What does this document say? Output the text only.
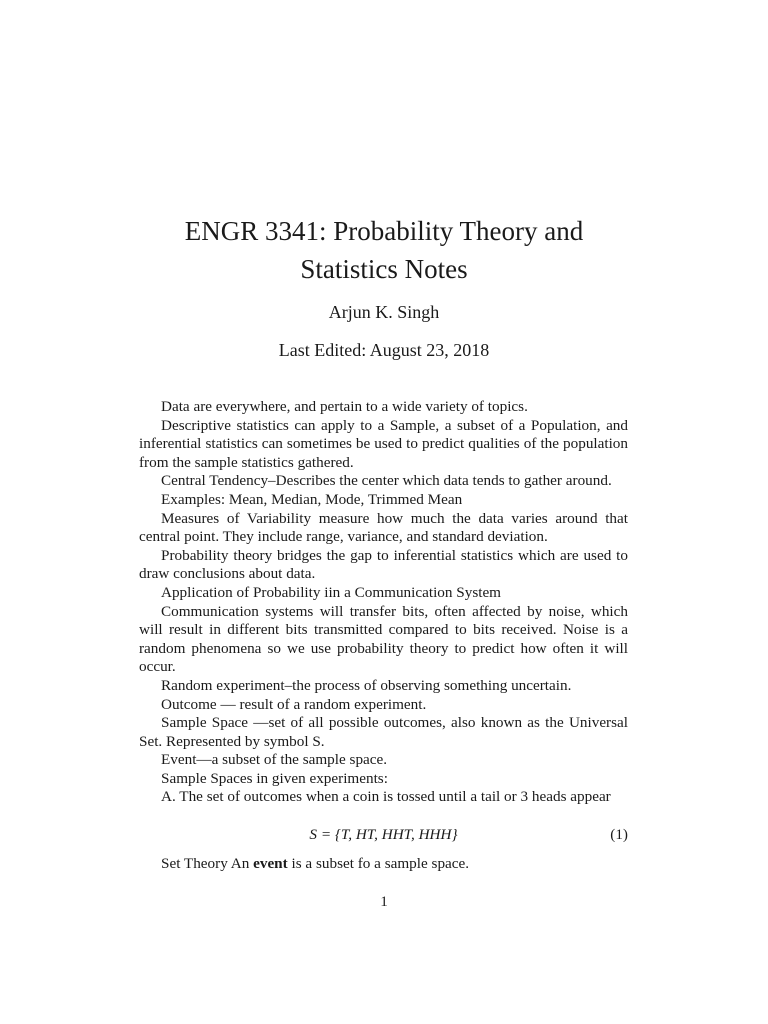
ENGR 3341: Probability Theory and
Statistics Notes
Arjun K. Singh
Last Edited: August 23, 2018

Data are everywhere, and pertain to a wide variety of topics.

Descriptive statistics can apply to a Sample, a subset of a Population, and inferential statistics can sometimes be used to predict qualities of the population from the sample statistics gathered.

Central Tendency–Describes the center which data tends to gather around.

Examples: Mean, Median, Mode, Trimmed Mean

Measures of Variability measure how much the data varies around that central point. They include range, variance, and standard deviation.

Probability theory bridges the gap to inferential statistics which are used to draw conclusions about data.

Application of Probability iin a Communication System

Communication systems will transfer bits, often affected by noise, which will result in different bits transmitted compared to bits received. Noise is a random phenomena so we use probability theory to predict how often it will occur.

Random experiment–the process of observing something uncertain.

Outcome — result of a random experiment.

Sample Space —set of all possible outcomes, also known as the Universal Set. Represented by symbol S.

Event—a subset of the sample space.

Sample Spaces in given experiments:

A. The set of outcomes when a coin is tossed until a tail or 3 heads appear

S = {T, HT, HHT, HHH}	(1)

Set Theory An event is a subset fo a sample space.

1
